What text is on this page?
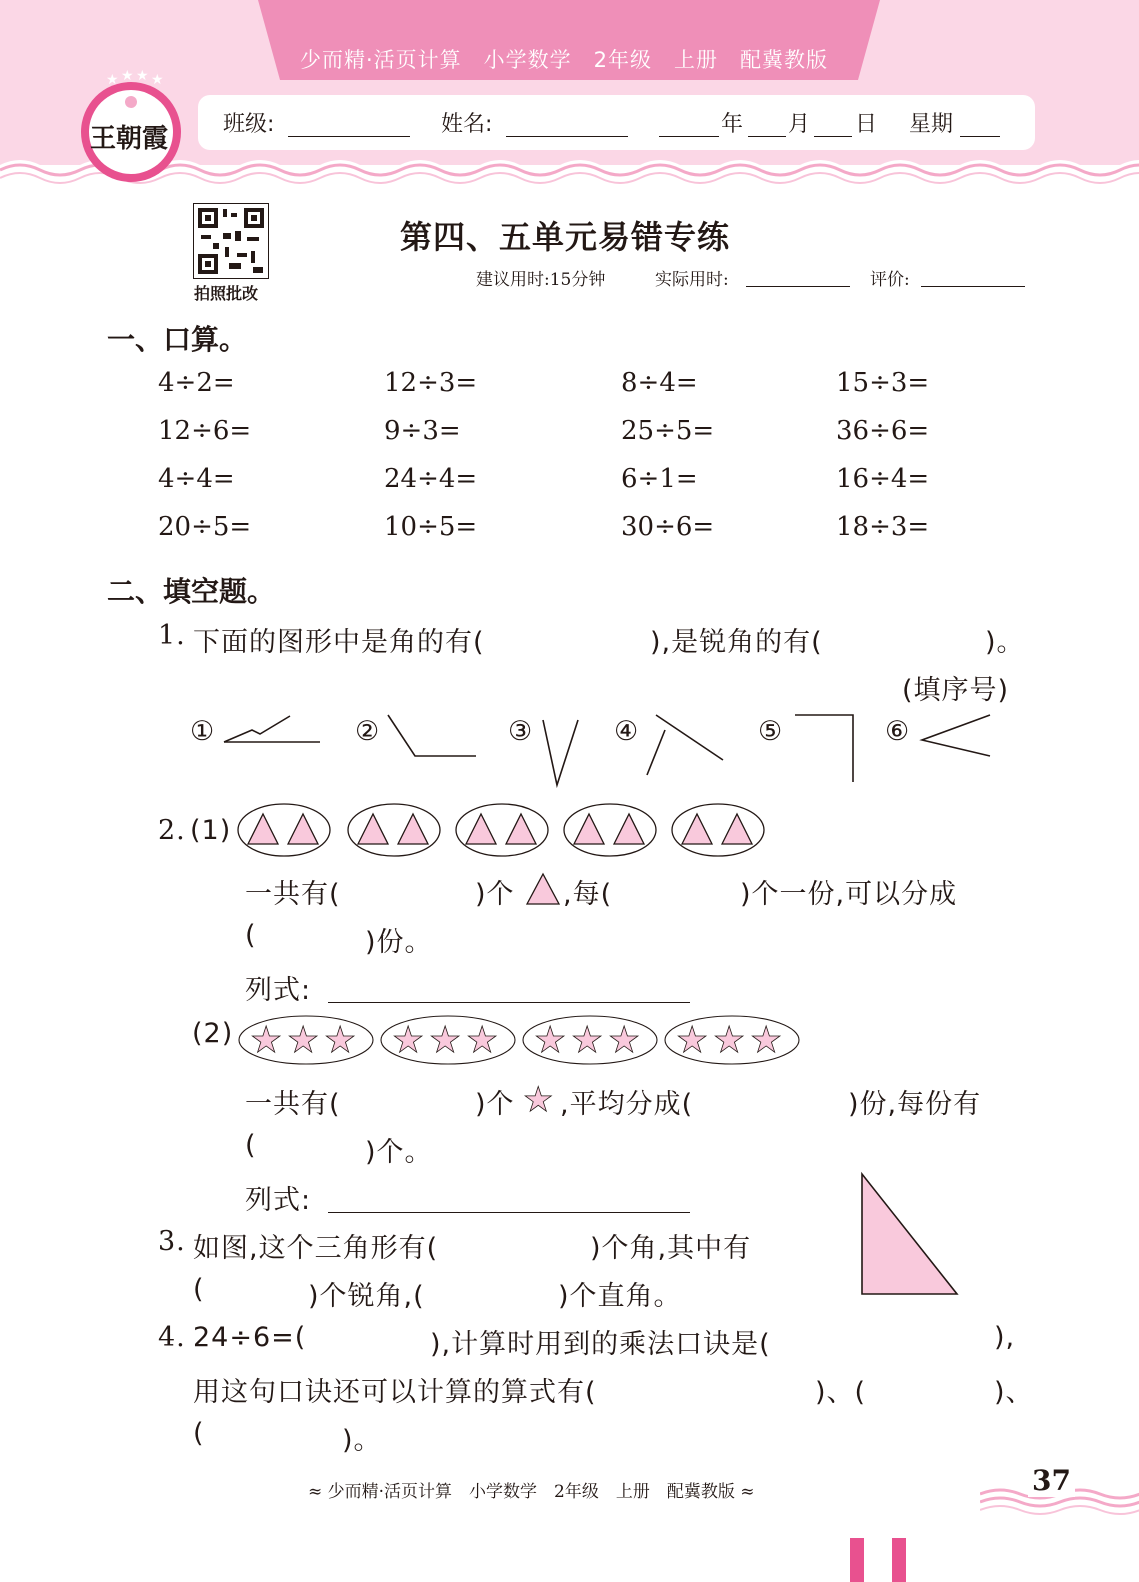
少而精·活页计算　小学数学　2年级　上册　配冀教版
★ ★ ★ ★
王朝霞 班级:	姓名:	年 月 日 星期
拍照批改
第四、五单元易错专练
建议用时:15分钟	实际用时:	评价:
一、口算。
4÷2=	12÷3=	8÷4=	15÷3=
12÷6=	9÷3=	25÷5=	36÷6=
4÷4=	24÷4=	6÷1=	16÷4=
20÷5=	10÷5=	30÷6=	18÷3=
二、填空题。
1. 下面的图形中是角的有(	),是锐角的有(	)。
(填序号)
①	②	③	④	⑤	⑥
2. (1)
一共有(	)个 ,每(	)个一份,可以分成
(	)份。
列式:
(2) ★ ★ ★ ★ ★ ★ ★ ★ ★ ★ ★ ★
一共有(	)个 ★ ,平均分成(	)份,每份有
(	)个。
列式:
3. 如图,这个三角形有(	)个角,其中有
(	)个锐角,(	)个直角。
4. 24÷6=(	),计算时用到的乘法口诀是(	),
用这句口诀还可以计算的算式有(	)、(	)、
(	)。
≈ 少而精·活页计算　小学数学　2年级　上册　配冀教版 ≈	37
